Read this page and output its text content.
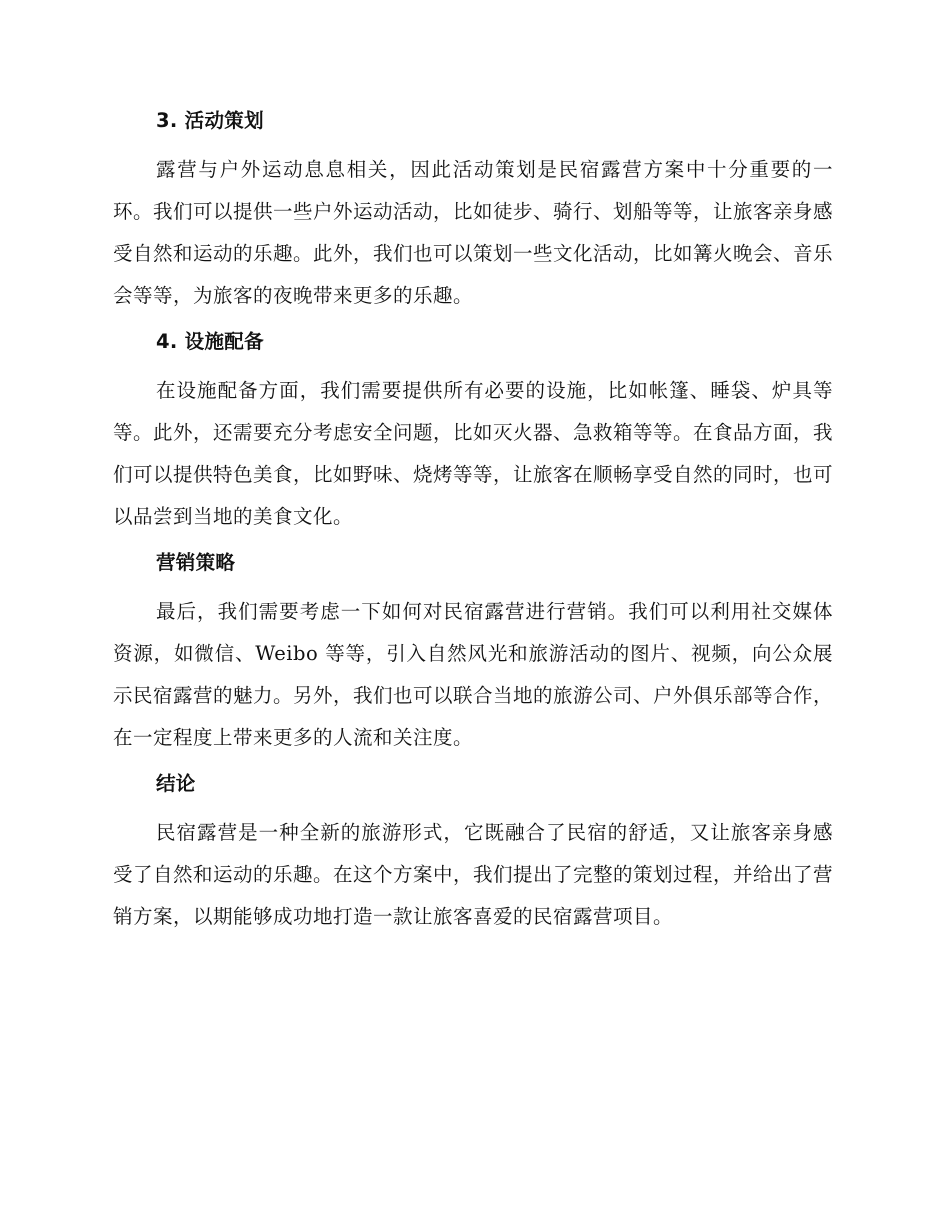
3. 活动策划

露营与户外运动息息相关，因此活动策划是民宿露营方案中十分重要的一环。我们可以提供一些户外运动活动，比如徒步、骑行、划船等等，让旅客亲身感受自然和运动的乐趣。此外，我们也可以策划一些文化活动，比如篝火晚会、音乐会等等，为旅客的夜晚带来更多的乐趣。

4. 设施配备

在设施配备方面，我们需要提供所有必要的设施，比如帐篷、睡袋、炉具等等。此外，还需要充分考虑安全问题，比如灭火器、急救箱等等。在食品方面，我们可以提供特色美食，比如野味、烧烤等等，让旅客在顺畅享受自然的同时，也可以品尝到当地的美食文化。

营销策略

最后，我们需要考虑一下如何对民宿露营进行营销。我们可以利用社交媒体资源，如微信、Weibo 等等，引入自然风光和旅游活动的图片、视频，向公众展示民宿露营的魅力。另外，我们也可以联合当地的旅游公司、户外俱乐部等合作，在一定程度上带来更多的人流和关注度。

结论

民宿露营是一种全新的旅游形式，它既融合了民宿的舒适，又让旅客亲身感受了自然和运动的乐趣。在这个方案中，我们提出了完整的策划过程，并给出了营销方案，以期能够成功地打造一款让旅客喜爱的民宿露营项目。
